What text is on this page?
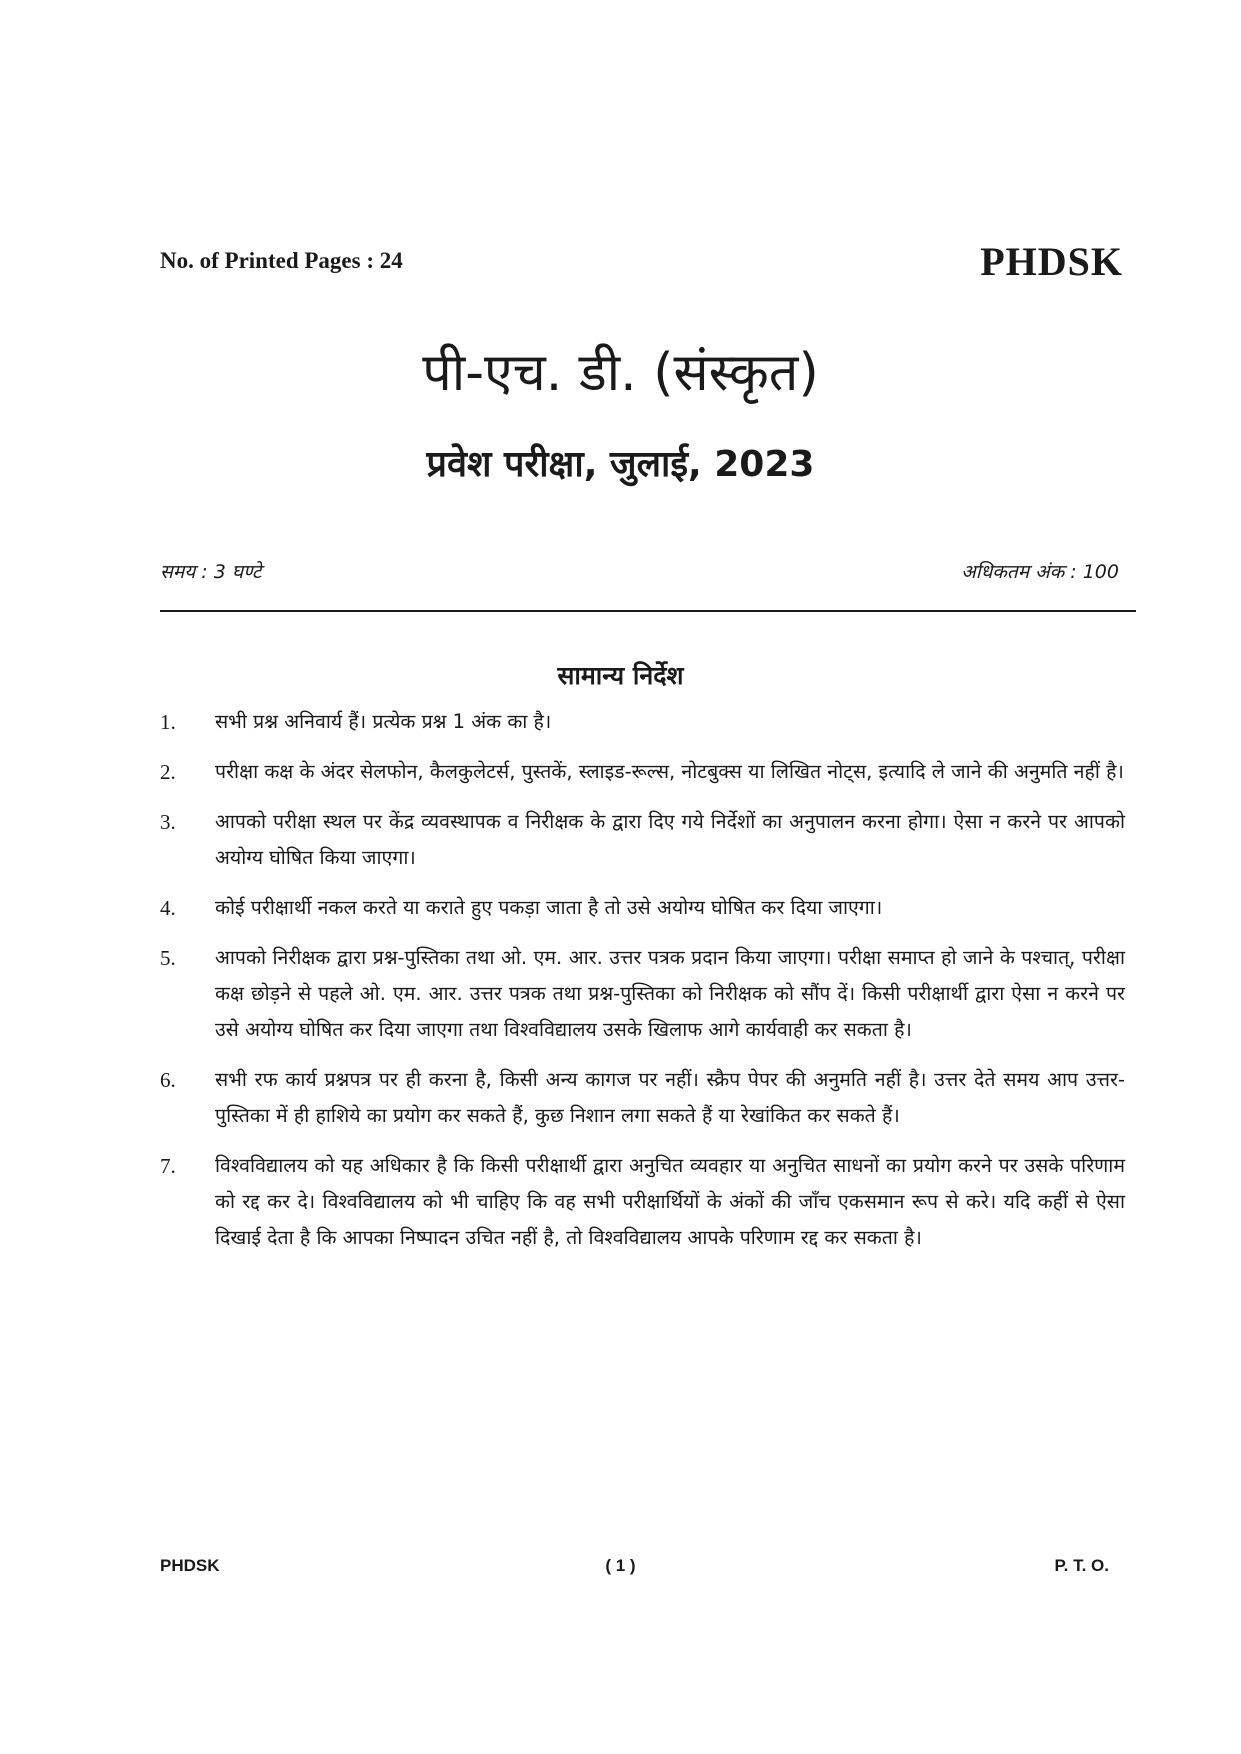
No. of Printed Pages : 24	PHDSK
पी-एच. डी. (संस्कृत)
प्रवेश परीक्षा, जुलाई, 2023
समय : 3 घण्टे	अधिकतम अंक : 100
सामान्य निर्देश
1.	सभी प्रश्न अनिवार्य हैं। प्रत्येक प्रश्न 1 अंक का है।
2.	परीक्षा कक्ष के अंदर सेलफोन, कैलकुलेटर्स, पुस्तकें, स्लाइड-रूल्स, नोटबुक्स या लिखित नोट्स, इत्यादि ले जाने की अनुमति नहीं है।
3.	आपको परीक्षा स्थल पर केंद्र व्यवस्थापक व निरीक्षक के द्वारा दिए गये निर्देशों का अनुपालन करना होगा। ऐसा न करने पर आपको अयोग्य घोषित किया जाएगा।
4.	कोई परीक्षार्थी नकल करते या कराते हुए पकड़ा जाता है तो उसे अयोग्य घोषित कर दिया जाएगा।
5.	आपको निरीक्षक द्वारा प्रश्न-पुस्तिका तथा ओ. एम. आर. उत्तर पत्रक प्रदान किया जाएगा। परीक्षा समाप्त हो जाने के पश्चात्, परीक्षा कक्ष छोड़ने से पहले ओ. एम. आर. उत्तर पत्रक तथा प्रश्न-पुस्तिका को निरीक्षक को सौंप दें। किसी परीक्षार्थी द्वारा ऐसा न करने पर उसे अयोग्य घोषित कर दिया जाएगा तथा विश्वविद्यालय उसके खिलाफ आगे कार्यवाही कर सकता है।
6.	सभी रफ कार्य प्रश्नपत्र पर ही करना है, किसी अन्य कागज पर नहीं। स्क्रैप पेपर की अनुमति नहीं है। उत्तर देते समय आप उत्तर-पुस्तिका में ही हाशिये का प्रयोग कर सकते हैं, कुछ निशान लगा सकते हैं या रेखांकित कर सकते हैं।
7.	विश्वविद्यालय को यह अधिकार है कि किसी परीक्षार्थी द्वारा अनुचित व्यवहार या अनुचित साधनों का प्रयोग करने पर उसके परिणाम को रद्द कर दे। विश्वविद्यालय को भी चाहिए कि वह सभी परीक्षार्थियों के अंकों की जाँच एकसमान रूप से करे। यदि कहीं से ऐसा दिखाई देता है कि आपका निष्पादन उचित नहीं है, तो विश्वविद्यालय आपके परिणाम रद्द कर सकता है।
PHDSK	( 1 )	P. T. O.
